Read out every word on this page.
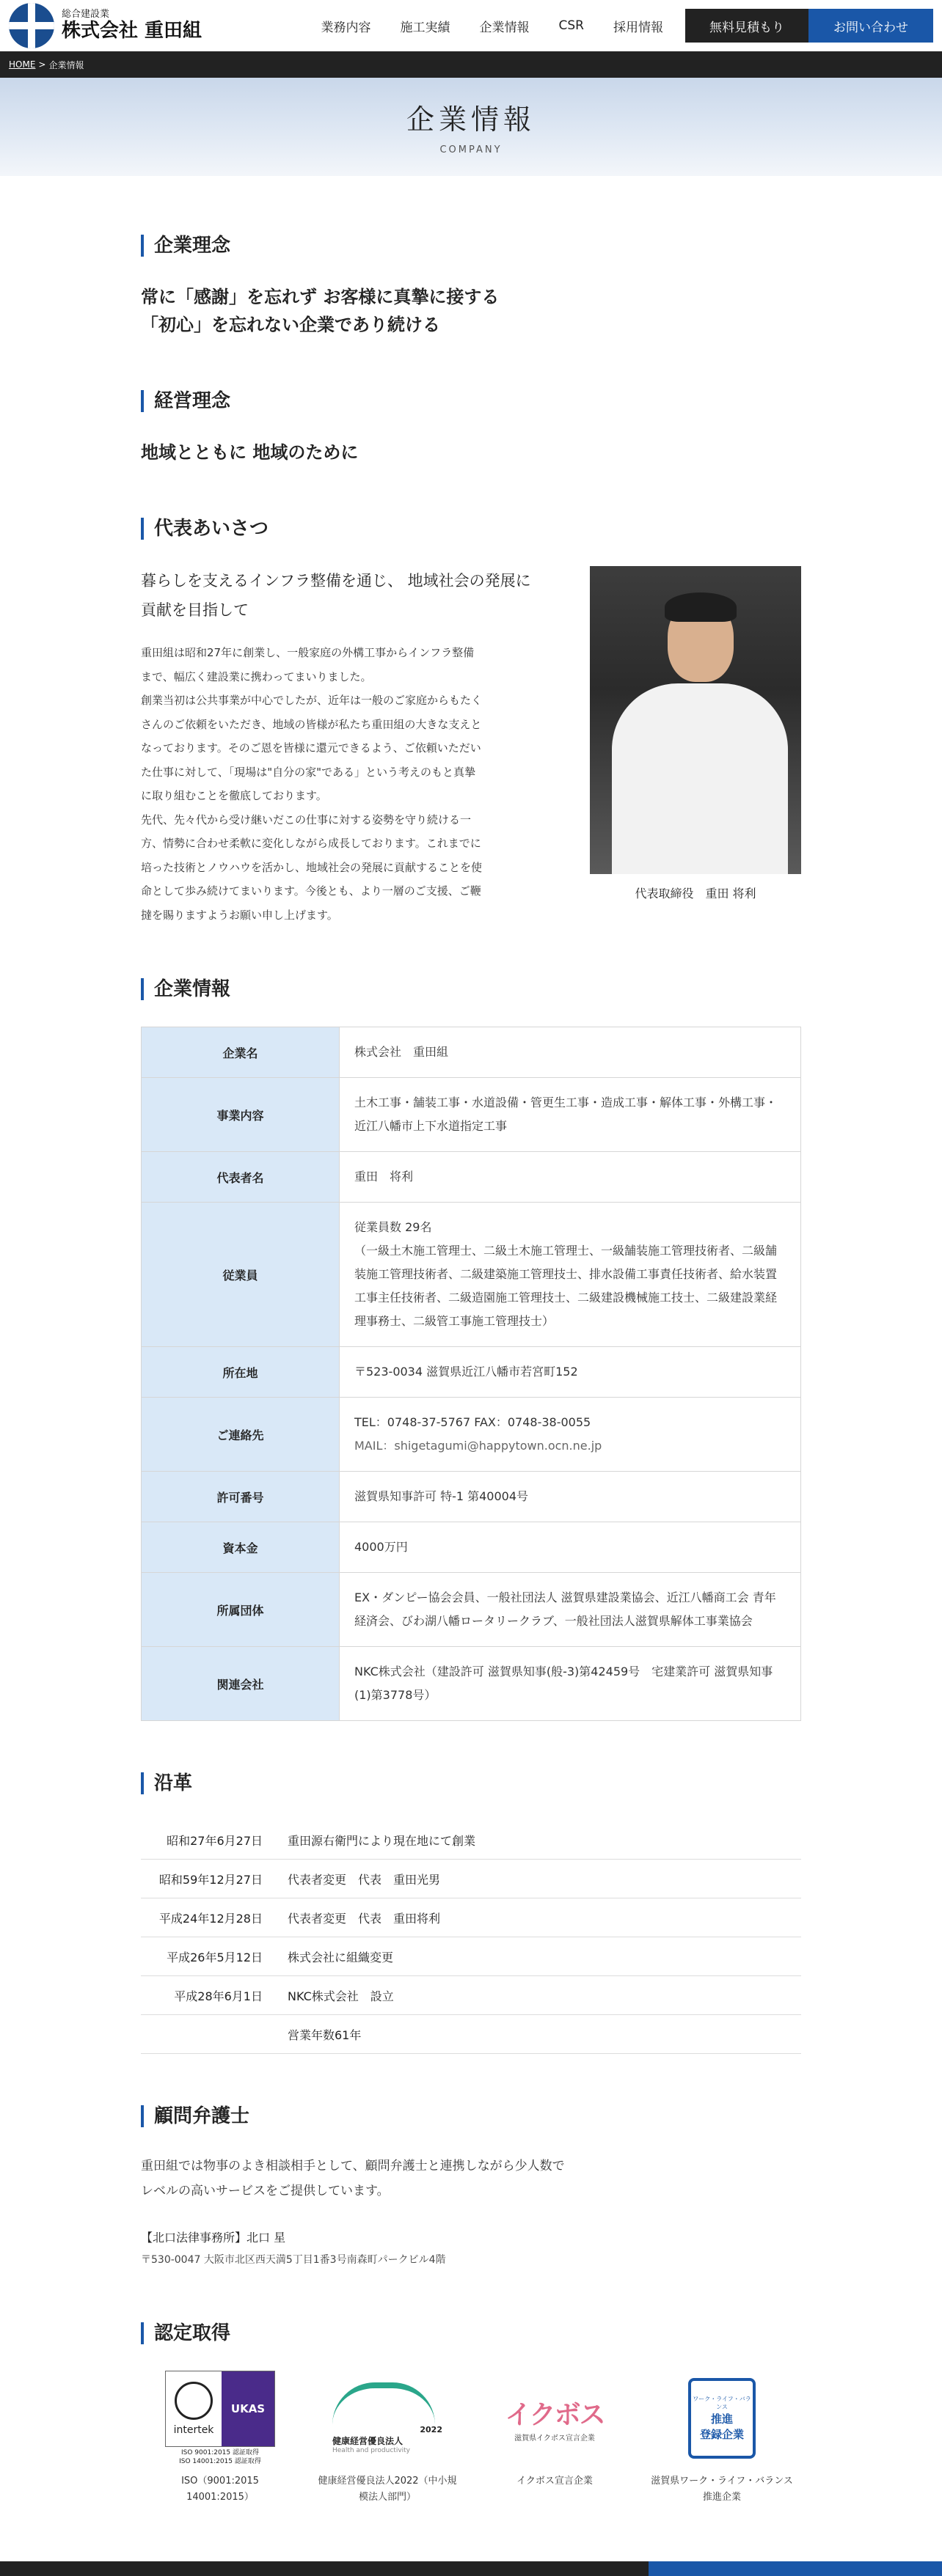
総合建設業
株式会社 重田組	業務内容	施工実績	企業情報	CSR	採用情報	無料見積もり	お問い合わせ
HOME > 企業情報
企業情報
COMPANY
企業理念
常に「感謝」を忘れず お客様に真摯に接する
「初心」を忘れない企業であり続ける
経営理念
地域とともに 地域のために
代表あいさつ
暮らしを支えるインフラ整備を通じ、 地域社会の発展に
貢献を目指して
重田組は昭和27年に創業し、一般家庭の外構工事からインフラ整備
まで、幅広く建設業に携わってまいりました。
創業当初は公共事業が中心でしたが、近年は一般のご家庭からもたく
さんのご依頼をいただき、地域の皆様が私たち重田組の大きな支えと
なっております。そのご恩を皆様に還元できるよう、ご依頼いただい
た仕事に対して、「現場は"自分の家"である」という考えのもと真摯
に取り組むことを徹底しております。
先代、先々代から受け継いだこの仕事に対する姿勢を守り続ける一
方、情勢に合わせ柔軟に変化しながら成長しております。これまでに
培った技術とノウハウを活かし、地域社会の発展に貢献することを使
命として歩み続けてまいります。今後とも、より一層のご支援、ご鞭
撻を賜りますようお願い申し上げます。
代表取締役　重田 将利
企業情報
企業名	株式会社　重田組
事業内容	土木工事・舗装工事・水道設備・管更生工事・造成工事・解体工事・外構工事・近江八幡市上下水道指定工事
代表者名	重田　将利
従業員	従業員数 29名
（一級土木施工管理士、二級土木施工管理士、一級舗装施工管理技術者、二級舗装施工管理技術者、二級建築施工管理技士、排水設備工事責任技術者、給水装置工事主任技術者、二級造園施工管理技士、二級建設機械施工技士、二級建設業経理事務士、二級管工事施工管理技士）

所在地	〒523-0034 滋賀県近江八幡市若宮町152
ご連絡先	TEL：0748-37-5767 FAX：0748-38-0055
MAIL：shigetagumi@happytown.ocn.ne.jp

許可番号	滋賀県知事許可 特-1 第40004号
資本金	4000万円
所属団体	EX・ダンピー協会会員、一般社団法人 滋賀県建設業協会、近江八幡商工会 青年経済会、びわ湖八幡ロータリークラブ、一般社団法人滋賀県解体工事業協会
関連会社	NKC株式会社（建設許可 滋賀県知事(般-3)第42459号　宅建業許可 滋賀県知事(1)第3778号）
沿革
昭和27年6月27日 重田源右衛門により現在地にて創業
昭和59年12月27日 代表者変更　代表　重田光男
平成24年12月28日 代表者変更　代表　重田将利
平成26年5月12日 株式会社に組織変更
平成28年6月1日 NKC株式会社　設立
営業年数61年
顧問弁護士
重田組では物事のよき相談相手として、顧問弁護士と連携しながら少人数で
レベルの高いサービスをご提供しています。
【北口法律事務所】北口 星
〒530-0047 大阪市北区西天満5丁目1番3号南森町パークビル4階
認定取得
intertek
UKAS
ISO 9001:2015 認証取得
ISO 14001:2015 認証取得
ISO（9001:2015　14001:2015）
2022
健康経営優良法人
Health and productivity
健康経営優良法人2022（中小規模法人部門）
イクボス
滋賀県イクボス宣言企業
イクボス宣言企業
ワーク・ライフ・バランス
推進
登録企業
滋賀県ワーク・ライフ・バランス推進企業
